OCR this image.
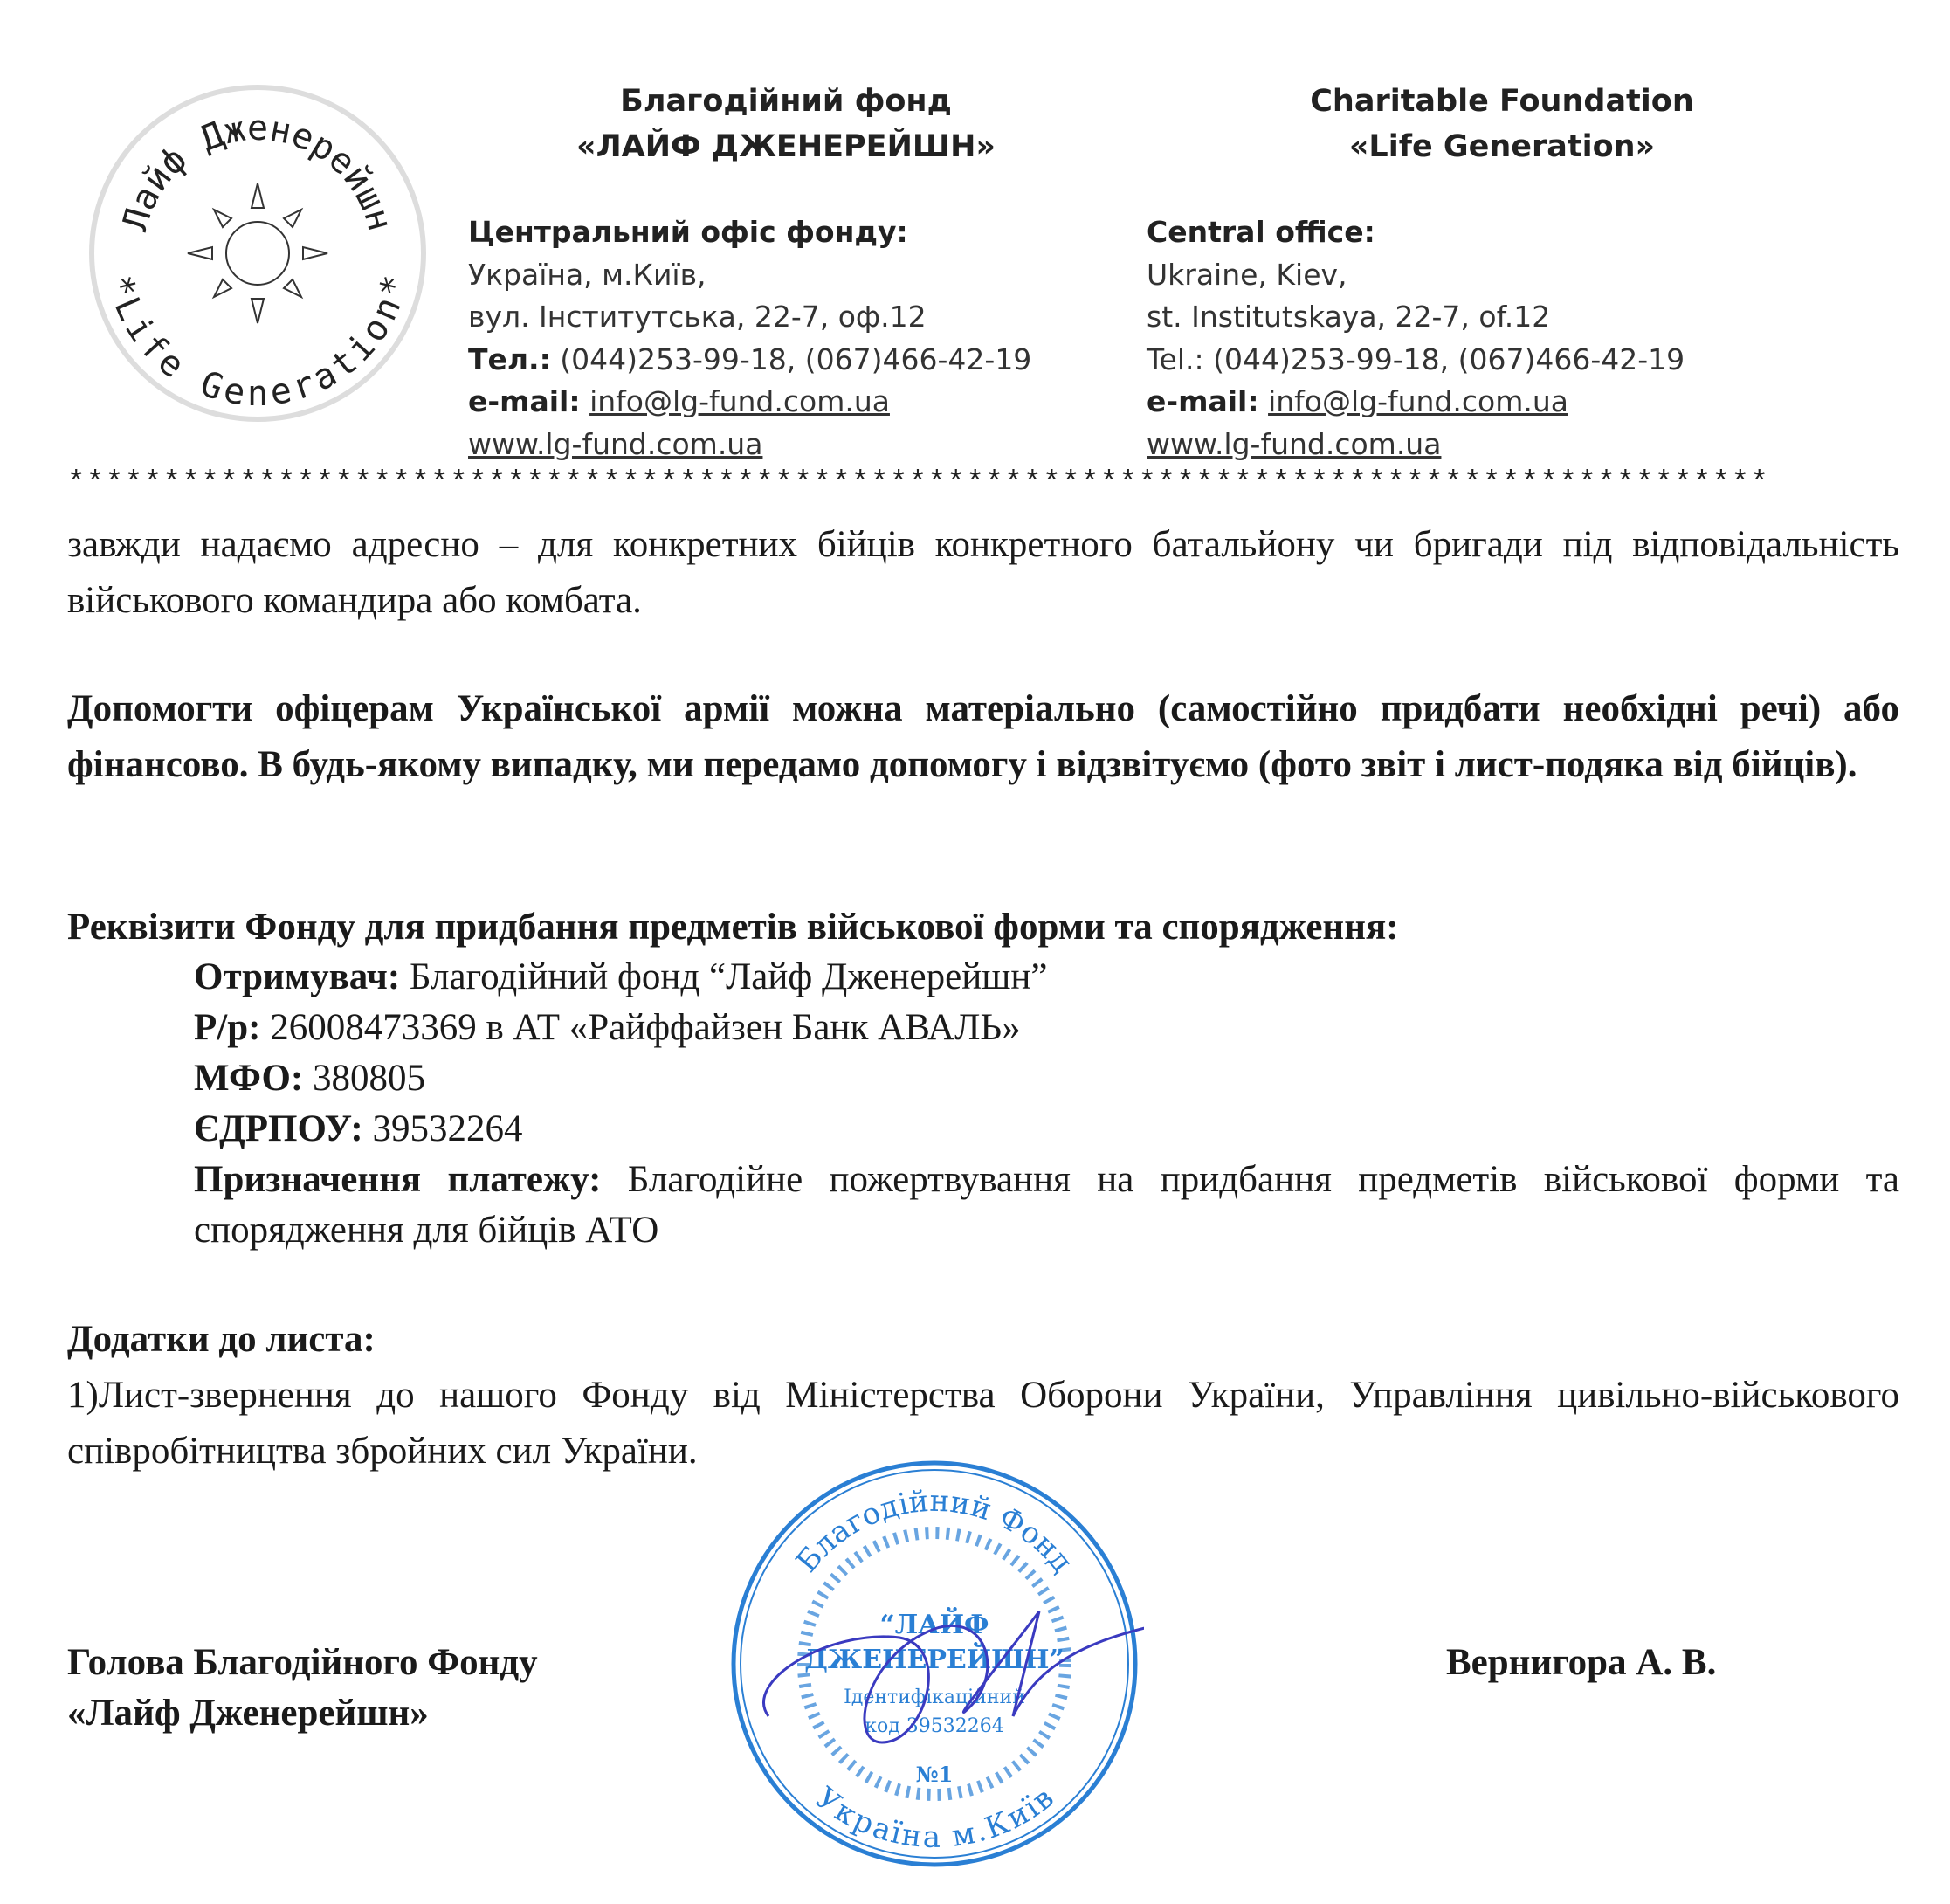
Лайф Дженерейшн
*Life Generation*
Благодійний фонд
«ЛАЙФ ДЖЕНЕРЕЙШН»
Charitable Foundation
«Life Generation»
Центральний офіс фонду:
Україна, м.Київ,
вул. Інститутська, 22-7, оф.12
Тел.: (044)253-99-18, (067)466-42-19
e-mail: info@lg-fund.com.ua
www.lg-fund.com.ua
Central office:
Ukraine, Kiev,
st. Institutskaya, 22-7, of.12
Tel.: (044)253-99-18, (067)466-42-19
e-mail: info@lg-fund.com.ua
www.lg-fund.com.ua
*****************************************************************************************

завжди надаємо адресно – для конкретних бійців конкретного батальйону чи бригади під відповідальність військового командира або комбата.

Допомогти офіцерам Української армії можна матеріально (самостійно придбати необхідні речі) або фінансово. В будь-якому випадку, ми передамо допомогу і відзвітуємо (фото звіт і лист-подяка від бійців).

Реквізити Фонду для придбання предметів військової форми та спорядження:

Отримувач: Благодійний фонд “Лайф Дженерейшн”
Р/р: 26008473369 в АТ «Райффайзен Банк АВАЛЬ»
МФО: 380805
ЄДРПОУ: 39532264
Призначення платежу: Благодійне пожертвування на придбання предметів військової форми та спорядження для бійців АТО

Додатки до листа:

1)Лист-звернення до нашого Фонду від Міністерства Оборони України, Управління цивільно-військового співробітництва збройних сил України.

Голова Благодійного Фонду
«Лайф Дженерейшн»
Вернигора А. В.
Благодійний Фонд
Україна м.Київ
“ЛАЙФ
ДЖЕНЕРЕЙШН”
Ідентифікаційний
код 39532264
№1
